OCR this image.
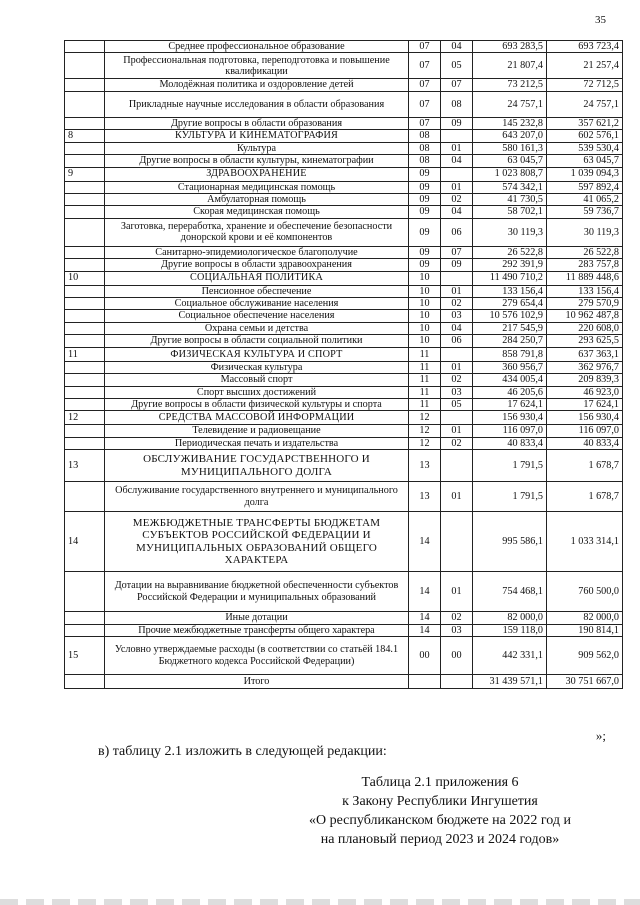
35
	Среднее профессиональное образование	07	04	693 283,5	693 723,4
	Профессиональная подготовка, переподготовка и повышение квалификации	07	05	21 807,4	21 257,4
	Молодёжная политика и оздоровление детей	07	07	73 212,5	72 712,5
	Прикладные научные исследования в области образования	07	08	24 757,1	24 757,1
	Другие вопросы в области образования	07	09	145 232,8	357 621,2
8	КУЛЬТУРА И КИНЕМАТОГРАФИЯ	08		643 207,0	602 576,1
	Культура	08	01	580 161,3	539 530,4
	Другие вопросы в области культуры, кинематографии	08	04	63 045,7	63 045,7
9	ЗДРАВООХРАНЕНИЕ	09		1 023 808,7	1 039 094,3
	Стационарная медицинская помощь	09	01	574 342,1	597 892,4
	Амбулаторная помощь	09	02	41 730,5	41 065,2
	Скорая медицинская помощь	09	04	58 702,1	59 736,7
	Заготовка, переработка, хранение и обеспечение безопасности донорской крови и её компонентов	09	06	30 119,3	30 119,3
	Санитарно-эпидемиологическое благополучие	09	07	26 522,8	26 522,8
	Другие вопросы в области здравоохранения	09	09	292 391,9	283 757,8
10	СОЦИАЛЬНАЯ ПОЛИТИКА	10		11 490 710,2	11 889 448,6
	Пенсионное обеспечение	10	01	133 156,4	133 156,4
	Социальное обслуживание населения	10	02	279 654,4	279 570,9
	Социальное обеспечение населения	10	03	10 576 102,9	10 962 487,8
	Охрана семьи и детства	10	04	217 545,9	220 608,0
	Другие вопросы в области социальной политики	10	06	284 250,7	293 625,5
11	ФИЗИЧЕСКАЯ КУЛЬТУРА И СПОРТ	11		858 791,8	637 363,1
	Физическая культура	11	01	360 956,7	362 976,7
	Массовый спорт	11	02	434 005,4	209 839,3
	Спорт высших достижений	11	03	46 205,6	46 923,0
	Другие вопросы в области физической культуры и спорта	11	05	17 624,1	17 624,1
12	СРЕДСТВА МАССОВОЙ ИНФОРМАЦИИ	12		156 930,4	156 930,4
	Телевидение и радиовещание	12	01	116 097,0	116 097,0
	Периодическая печать и издательства	12	02	40 833,4	40 833,4
13	ОБСЛУЖИВАНИЕ ГОСУДАРСТВЕННОГО И МУНИЦИПАЛЬНОГО ДОЛГА	13		1 791,5	1 678,7
	Обслуживание государственного внутреннего и муниципального долга	13	01	1 791,5	1 678,7
14	МЕЖБЮДЖЕТНЫЕ ТРАНСФЕРТЫ БЮДЖЕТАМ СУБЪЕКТОВ РОССИЙСКОЙ ФЕДЕРАЦИИ И МУНИЦИПАЛЬНЫХ ОБРАЗОВАНИЙ ОБЩЕГО ХАРАКТЕРА	14		995 586,1	1 033 314,1
	Дотации на выравнивание бюджетной обеспеченности субъектов Российской Федерации и муниципальных образований	14	01	754 468,1	760 500,0
	Иные дотации	14	02	82 000,0	82 000,0
	Прочие межбюджетные трансферты общего характера	14	03	159 118,0	190 814,1
15	Условно утверждаемые расходы (в соответствии со статьёй 184.1 Бюджетного кодекса Российской Федерации)	00	00	442 331,1	909 562,0
	Итого			31 439 571,1	30 751 667,0
»;
в) таблицу 2.1 изложить в следующей редакции:
Таблица 2.1 приложения 6
к Закону Республики Ингушетия
«О республиканском бюджете на 2022 год и
на плановый период 2023 и 2024 годов»
